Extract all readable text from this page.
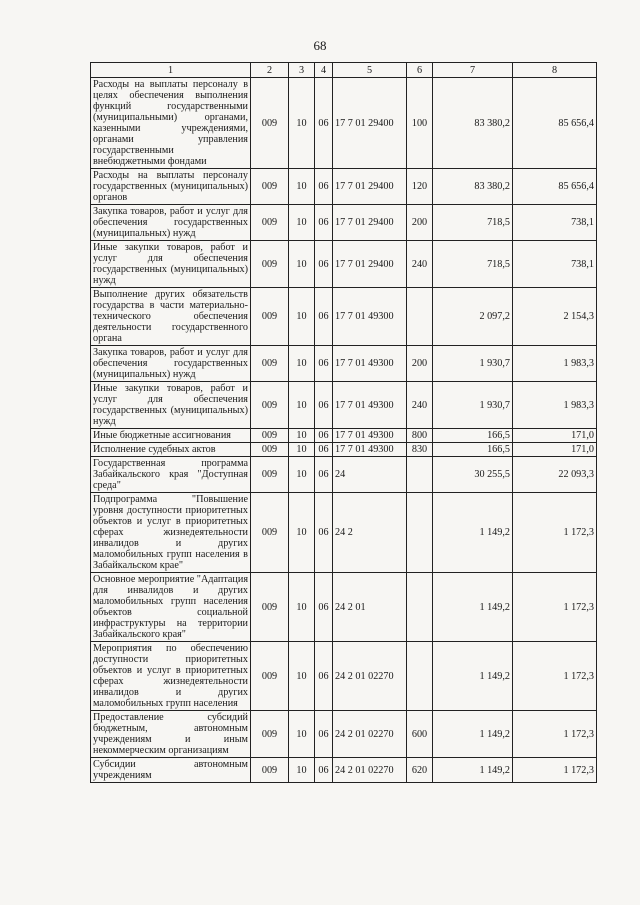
68
1	2	3	4	5	6	7	8
Расходы на выплаты персоналу в целях обеспечения выполнения функций государственными (муниципальными) органами, казенными учреждениями, органами управления государственными внебюджетными фондами	009	10	06	17 7 01 29400	100	83 380,2	85 656,4
Расходы на выплаты персоналу государственных (муниципальных) органов	009	10	06	17 7 01 29400	120	83 380,2	85 656,4
Закупка товаров, работ и услуг для обеспечения государственных (муниципальных) нужд	009	10	06	17 7 01 29400	200	718,5	738,1
Иные закупки товаров, работ и услуг для обеспечения государственных (муниципальных) нужд	009	10	06	17 7 01 29400	240	718,5	738,1
Выполнение других обязательств государства в части материально-технического обеспечения деятельности государственного органа	009	10	06	17 7 01 49300		2 097,2	2 154,3
Закупка товаров, работ и услуг для обеспечения государственных (муниципальных) нужд	009	10	06	17 7 01 49300	200	1 930,7	1 983,3
Иные закупки товаров, работ и услуг для обеспечения государственных (муниципальных) нужд	009	10	06	17 7 01 49300	240	1 930,7	1 983,3
Иные бюджетные ассигнования	009	10	06	17 7 01 49300	800	166,5	171,0
Исполнение судебных актов	009	10	06	17 7 01 49300	830	166,5	171,0
Государственная программа Забайкальского края "Доступная среда"	009	10	06	24		30 255,5	22 093,3
Подпрограмма "Повышение уровня доступности приоритетных объектов и услуг в приоритетных сферах жизнедеятельности инвалидов и других маломобильных групп населения в Забайкальском крае"	009	10	06	24 2		1 149,2	1 172,3
Основное мероприятие "Адаптация для инвалидов и других маломобильных групп населения объектов социальной инфраструктуры на территории Забайкальского края"	009	10	06	24 2 01		1 149,2	1 172,3
Мероприятия по обеспечению доступности приоритетных объектов и услуг в приоритетных сферах жизнедеятельности инвалидов и других маломобильных групп населения	009	10	06	24 2 01 02270		1 149,2	1 172,3
Предоставление субсидий бюджетным, автономным учреждениям и иным некоммерческим организациям	009	10	06	24 2 01 02270	600	1 149,2	1 172,3
Субсидии автономным учреждениям	009	10	06	24 2 01 02270	620	1 149,2	1 172,3
